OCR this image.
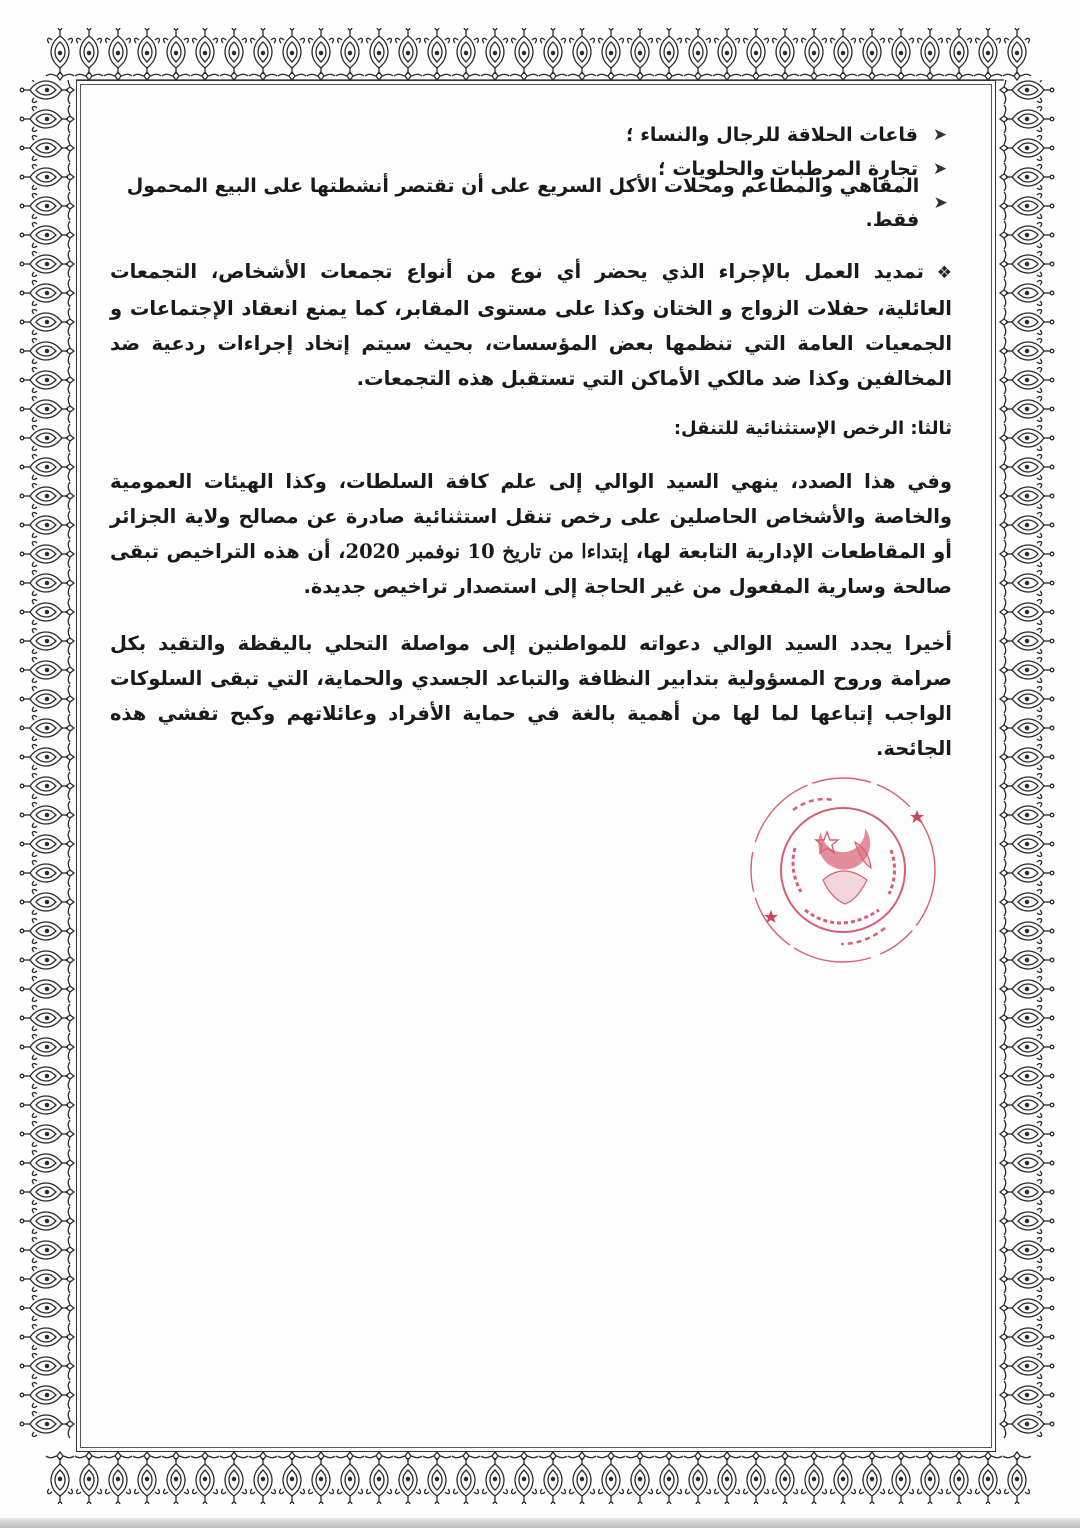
➤
قاعات الحلاقة للرجال والنساء ؛
➤
تجارة المرطبات والحلويات ؛
➤
المقاهي والمطاعم ومحلات الأكل السريع على أن تقتصر أنشطتها على البيع المحمول فقط.

❖تمديد العمل بالإجراء الذي يحضر أي نوع من أنواع تجمعات الأشخاص، التجمعات العائلية، حفلات الزواج و الختان وكذا على مستوى المقابر، كما يمنع انعقاد الإجتماعات و الجمعيات العامة التي تنظمها بعض المؤسسات، بحيث سيتم إتخاد إجراءات ردعية ضد المخالفين وكذا ضد مالكي الأماكن التي تستقبل هذه التجمعات.

ثالثا: الرخص الإستثنائية للتنقل:

وفي هذا الصدد، ينهي السيد الوالي إلى علم كافة السلطات، وكذا الهيئات العمومية والخاصة والأشخاص الحاصلين على رخص تنقل استثنائية صادرة عن مصالح ولاية الجزائر أو المقاطعات الإدارية التابعة لها، إبتداءا من تاريخ 10 نوفمبر 2020، أن هذه التراخيص تبقى صالحة وسارية المفعول من غير الحاجة إلى استصدار تراخيص جديدة.

أخيرا يجدد السيد الوالي دعواته للمواطنين إلى مواصلة التحلي باليقظة والتقيد بكل صرامة وروح المسؤولية بتدابير النظافة والتباعد الجسدي والحماية، التي تبقى السلوكات الواجب إتباعها لما لها من أهمية بالغة في حماية الأفراد وعائلاتهم وكبح تفشي هذه الجائحة.
